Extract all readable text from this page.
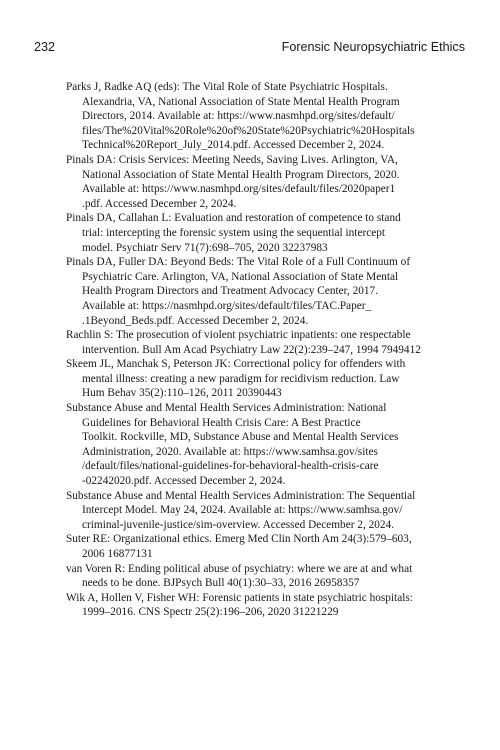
232	Forensic Neuropsychiatric Ethics
Parks J, Radke AQ (eds): The Vital Role of State Psychiatric Hospitals.
Alexandria, VA, National Association of State Mental Health Program
Directors, 2014. Available at: https://www.nasmhpd.org/sites/default/
files/The%20Vital%20Role%20of%20State%20Psychiatric%20Hospitals
Technical%20Report_July_2014.pdf. Accessed December 2, 2024.
Pinals DA: Crisis Services: Meeting Needs, Saving Lives. Arlington, VA,
National Association of State Mental Health Program Directors, 2020.
Available at: https://www.nasmhpd.org/sites/default/files/2020paper1
.pdf. Accessed December 2, 2024.
Pinals DA, Callahan L: Evaluation and restoration of competence to stand
trial: intercepting the forensic system using the sequential intercept
model. Psychiatr Serv 71(7):698–705, 2020 32237983
Pinals DA, Fuller DA: Beyond Beds: The Vital Role of a Full Continuum of
Psychiatric Care. Arlington, VA, National Association of State Mental
Health Program Directors and Treatment Advocacy Center, 2017.
Available at: https://nasmhpd.org/sites/default/files/TAC.Paper_
.1Beyond_Beds.pdf. Accessed December 2, 2024.
Rachlin S: The prosecution of violent psychiatric inpatients: one respectable
intervention. Bull Am Acad Psychiatry Law 22(2):239–247, 1994 7949412
Skeem JL, Manchak S, Peterson JK: Correctional policy for offenders with
mental illness: creating a new paradigm for recidivism reduction. Law
Hum Behav 35(2):110–126, 2011 20390443
Substance Abuse and Mental Health Services Administration: National
Guidelines for Behavioral Health Crisis Care: A Best Practice
Toolkit. Rockville, MD, Substance Abuse and Mental Health Services
Administration, 2020. Available at: https://www.samhsa.gov/sites
/default/files/national-guidelines-for-behavioral-health-crisis-care
-02242020.pdf. Accessed December 2, 2024.
Substance Abuse and Mental Health Services Administration: The Sequential
Intercept Model. May 24, 2024. Available at: https://www.samhsa.gov/
criminal-juvenile-justice/sim-overview. Accessed December 2, 2024.
Suter RE: Organizational ethics. Emerg Med Clin North Am 24(3):579–603,
2006 16877131
van Voren R: Ending political abuse of psychiatry: where we are at and what
needs to be done. BJPsych Bull 40(1):30–33, 2016 26958357
Wik A, Hollen V, Fisher WH: Forensic patients in state psychiatric hospitals:
1999–2016. CNS Spectr 25(2):196–206, 2020 31221229
